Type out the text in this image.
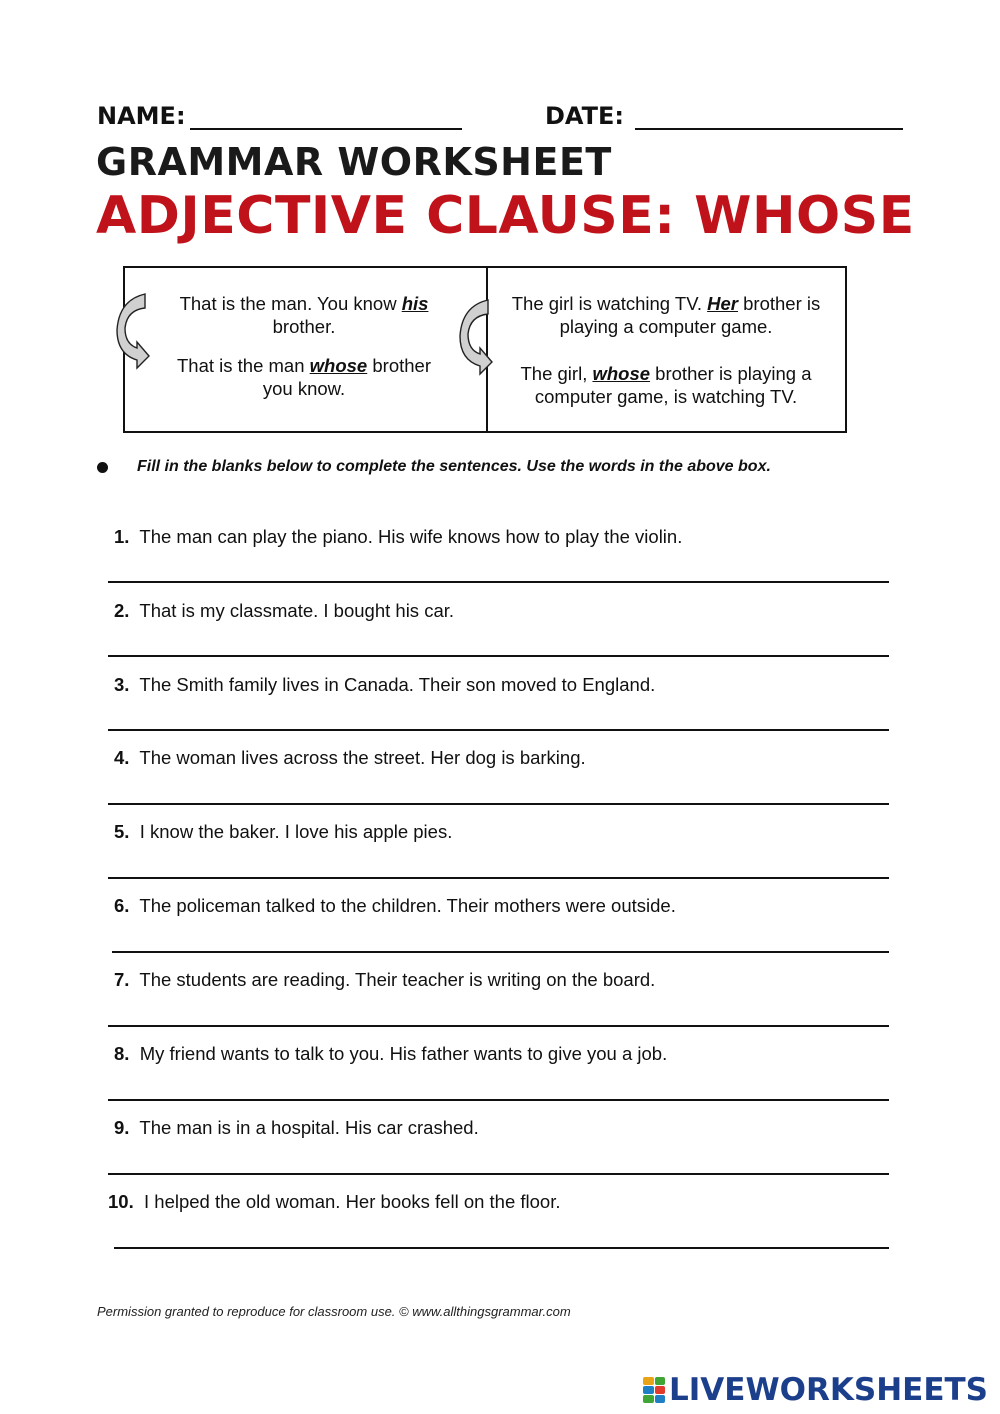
NAME:	DATE:
GRAMMAR WORKSHEET
ADJECTIVE CLAUSE: WHOSE
That is the man. You know his brother.
That is the man whose brother you know.
The girl is watching TV. Her brother is playing a computer game.
The girl, whose brother is playing a computer game, is watching TV.
Fill in the blanks below to complete the sentences. Use the words in the above box.
1. The man can play the piano. His wife knows how to play the violin.
2. That is my classmate. I bought his car.
3. The Smith family lives in Canada. Their son moved to England.
4. The woman lives across the street. Her dog is barking.
5. I know the baker. I love his apple pies.
6. The policeman talked to the children. Their mothers were outside.
7. The students are reading. Their teacher is writing on the board.
8. My friend wants to talk to you. His father wants to give you a job.
9. The man is in a hospital. His car crashed.
10. I helped the old woman. Her books fell on the floor.
Permission granted to reproduce for classroom use. © www.allthingsgrammar.com
LIVEWORKSHEETS
